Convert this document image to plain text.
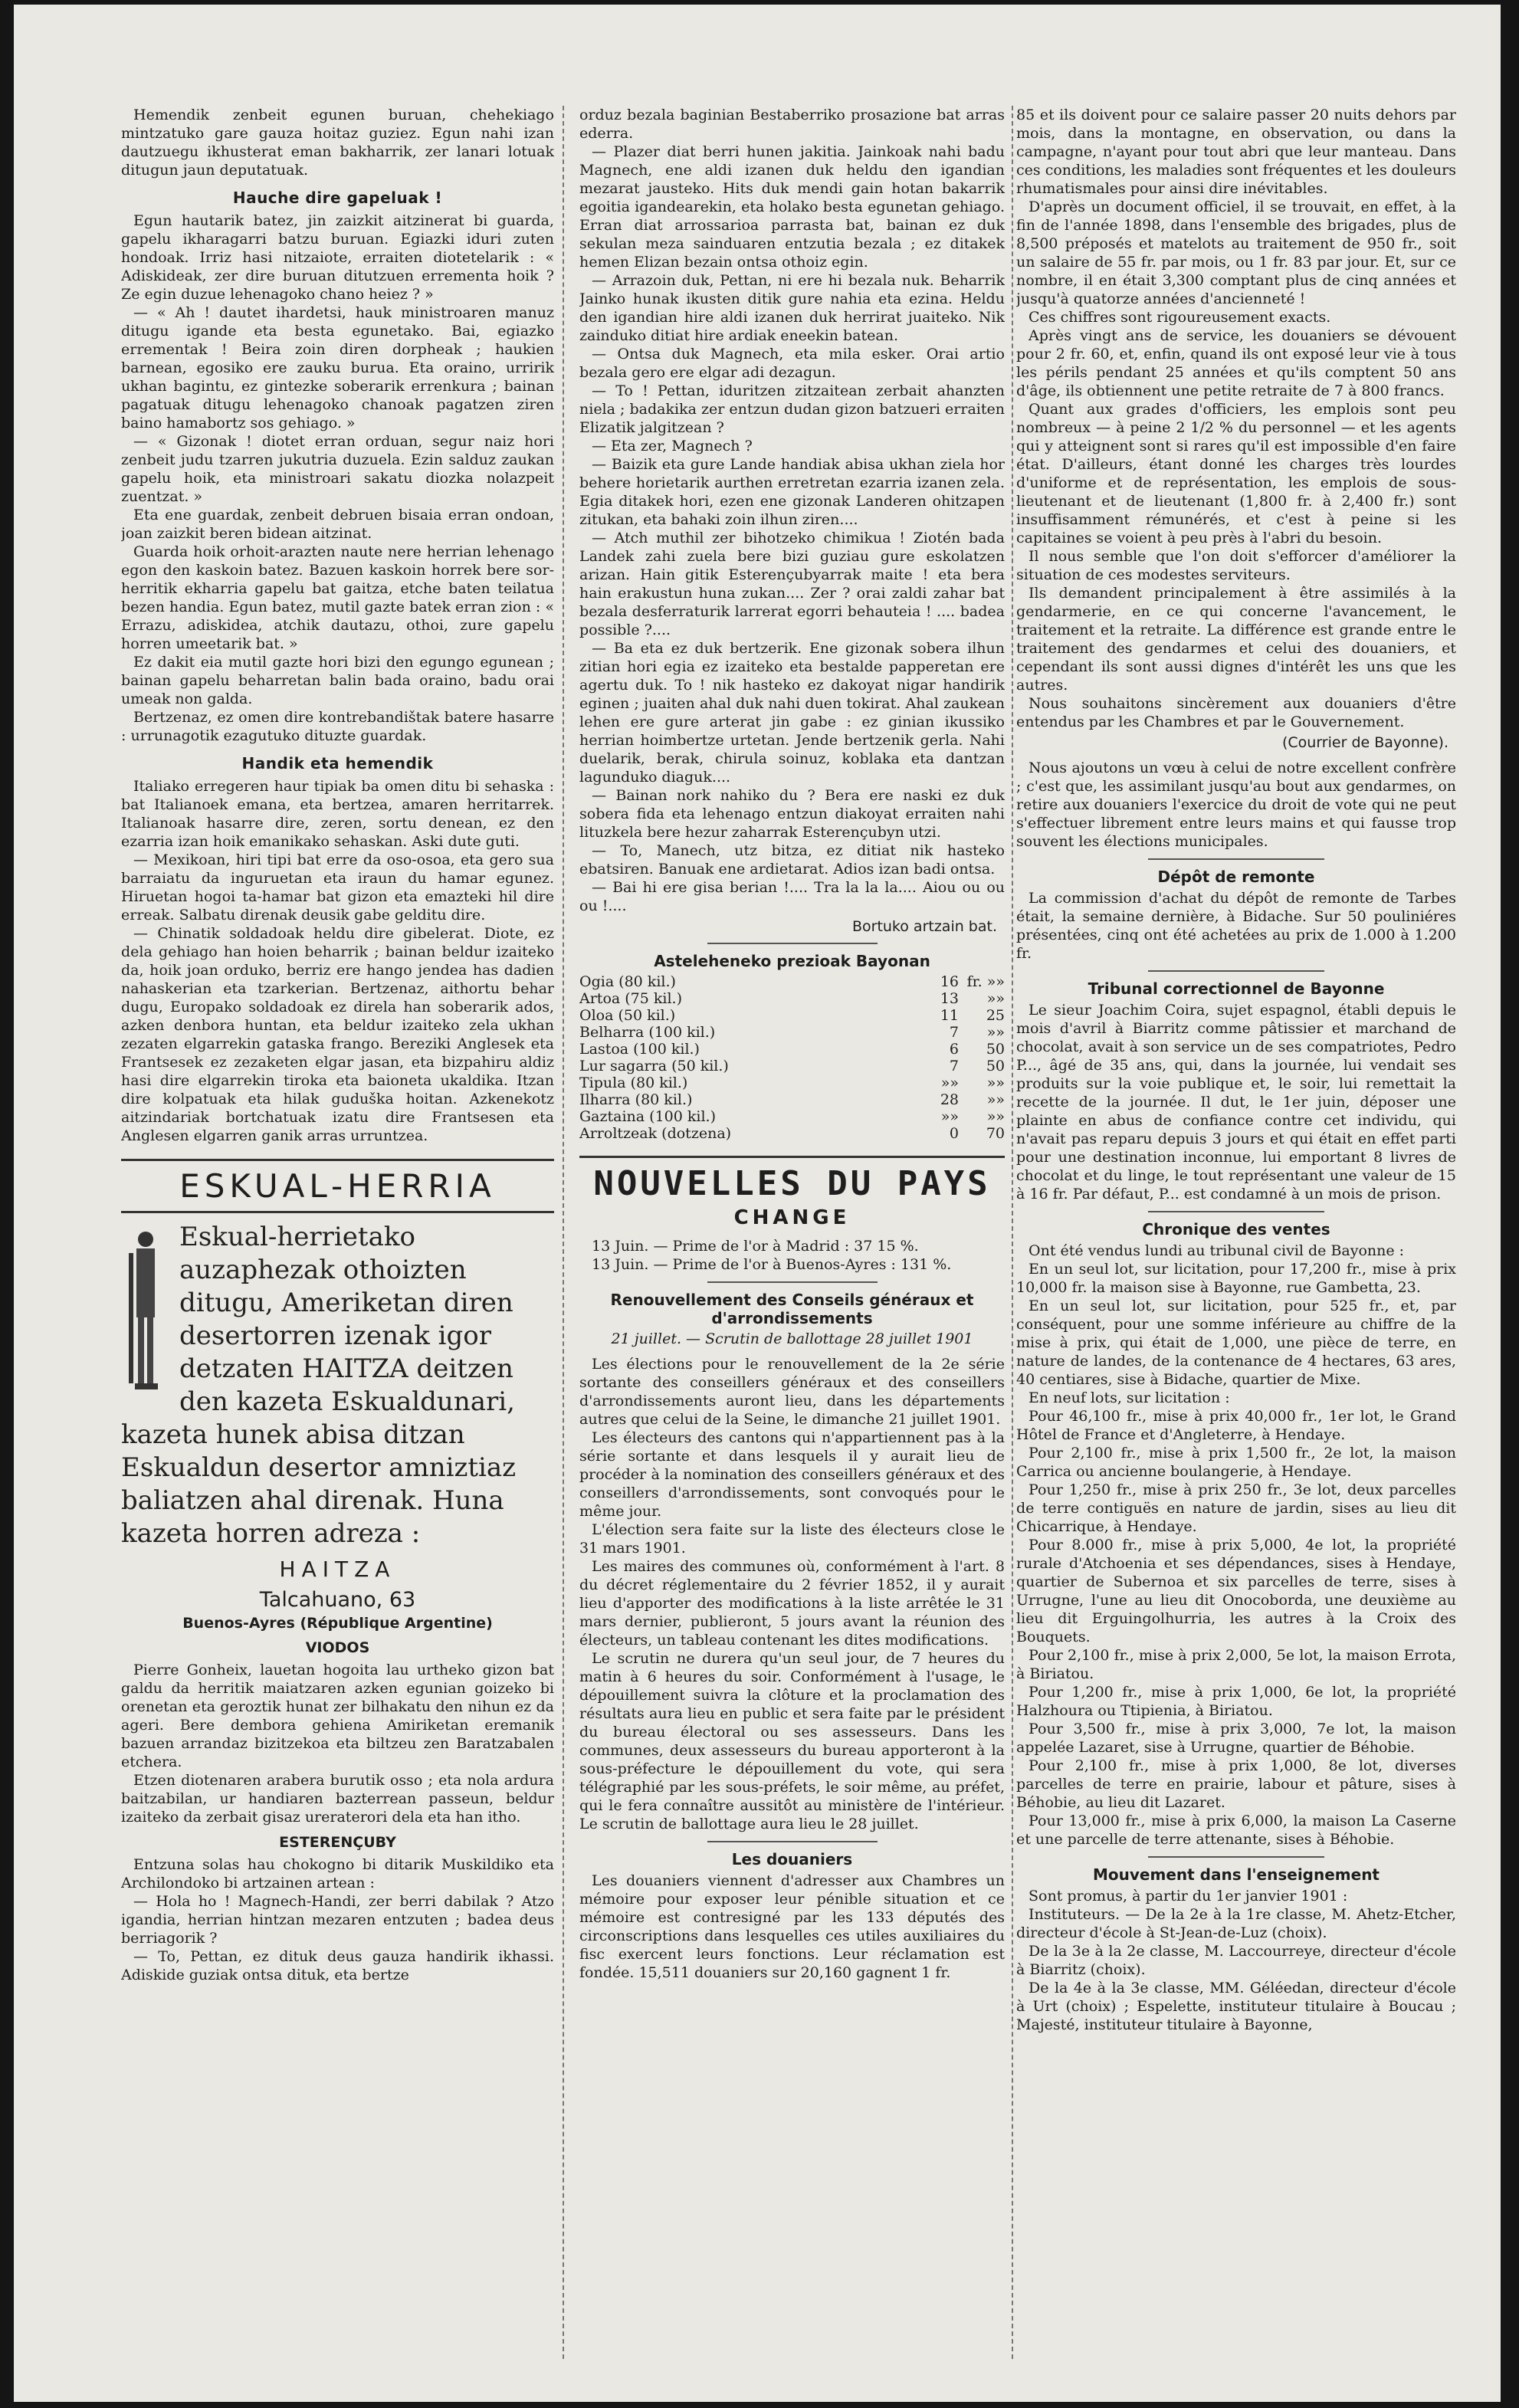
Hemendik zenbeit egunen buruan, chehekiago mintzatuko gare gauza hoitaz guziez. Egun nahi izan dautzuegu ikhusterat eman bakharrik, zer lanari lotuak ditugun jaun deputatuak.

Hauche dire gapeluak !

Egun hautarik batez, jin zaizkit aitzinerat bi guarda, gapelu ikharagarri batzu buruan. Egiazki iduri zuten hondoak. Irriz hasi nitzaiote, erraiten diotetelarik : « Adiskideak, zer dire buruan ditutzuen errementa hoik ? Ze egin duzue lehenagoko chano heiez ? »

— « Ah ! dautet ihardetsi, hauk ministroaren manuz ditugu igande eta besta egunetako. Bai, egiazko errementak ! Beira zoin diren dorpheak ; haukien barnean, egosiko ere zauku burua. Eta oraino, urririk ukhan bagintu, ez gintezke soberarik errenkura ; bainan pagatuak ditugu lehenagoko chanoak pagatzen ziren baino hamabortz sos gehiago. »

— « Gizonak ! diotet erran orduan, segur naiz hori zenbeit judu tzarren jukutria duzuela. Ezin salduz zaukan gapelu hoik, eta ministroari sakatu diozka nolazpeit zuentzat. »

Eta ene guardak, zenbeit debruen bisaia erran ondoan, joan zaizkit beren bidean aitzinat.

Guarda hoik orhoit-arazten naute nere herrian lehenago egon den kaskoin batez. Bazuen kaskoin horrek bere sor-herritik ekharria gapelu bat gaitza, etche baten teilatua bezen handia. Egun batez, mutil gazte batek erran zion : « Errazu, adiskidea, atchik dautazu, othoi, zure gapelu horren umeetarik bat. »

Ez dakit eia mutil gazte hori bizi den egungo egunean ; bainan gapelu beharretan balin bada oraino, badu orai umeak non galda.

Bertzenaz, ez omen dire kontrebandištak batere hasarre : urrunagotik ezagutuko dituzte guardak.

Handik eta hemendik

Italiako erregeren haur tipiak ba omen ditu bi sehaska : bat Italianoek emana, eta bertzea, amaren herritarrek. Italianoak hasarre dire, zeren, sortu denean, ez den ezarria izan hoik emanikako sehaskan. Aski dute guti.

— Mexikoan, hiri tipi bat erre da oso-osoa, eta gero sua barraiatu da inguruetan eta iraun du hamar egunez. Hiruetan hogoi ta-hamar bat gizon eta emazteki hil dire erreak. Salbatu direnak deusik gabe gelditu dire.

— Chinatik soldadoak heldu dire gibelerat. Diote, ez dela gehiago han hoien beharrik ; bainan beldur izaiteko da, hoik joan orduko, berriz ere hango jendea has dadien nahaskerian eta tzarkerian. Bertzenaz, aithortu behar dugu, Europako soldadoak ez direla han soberarik ados, azken denbora huntan, eta beldur izaiteko zela ukhan zezaten elgarrekin gataska frango. Bereziki Anglesek eta Frantsesek ez zezaketen elgar jasan, eta bizpahiru aldiz hasi dire elgarrekin tiroka eta baioneta ukaldika. Itzan dire kolpatuak eta hilak guduška hoitan. Azkenekotz aitzindariak bortchatuak izatu dire Frantsesen eta Anglesen elgarren ganik arras urruntzea.

ESKUAL-HERRIA
Eskual-herrietako auzaphezak othoizten ditugu, Ameriketan diren desertorren izenak igor detzaten HAITZA deitzen den kazeta Eskualdunari, kazeta hunek abisa ditzan Eskualdun desertor amniztiaz baliatzen ahal direnak. Huna kazeta horren adreza :
HAITZA
Talcahuano, 63
Buenos-Ayres (République Argentine)
VIODOS

Pierre Gonheix, lauetan hogoita lau urtheko gizon bat galdu da herritik maiatzaren azken egunian goizeko bi orenetan eta geroztik hunat zer bilhakatu den nihun ez da ageri. Bere dembora gehiena Amiriketan eremanik bazuen arrandaz bizitzekoa eta biltzeu zen Baratzabalen etchera.

Etzen diotenaren arabera burutik osso ; eta nola ardura baitzabilan, ur handiaren bazterrean passeun, beldur izaiteko da zerbait gisaz ureraterori dela eta han itho.

ESTERENÇUBY

Entzuna solas hau chokogno bi ditarik Muskildiko eta Archilondoko bi artzainen artean :

— Hola ho ! Magnech-Handi, zer berri dabilak ? Atzo igandia, herrian hintzan mezaren entzuten ; badea deus berriagorik ?

— To, Pettan, ez dituk deus gauza handirik ikhassi. Adiskide guziak ontsa dituk, eta bertze

orduz bezala baginian Bestaberriko prosazione bat arras ederra.

— Plazer diat berri hunen jakitia. Jainkoak nahi badu Magnech, ene aldi izanen duk heldu den igandian mezarat jausteko. Hits duk mendi gain hotan bakarrik egoitia igandearekin, eta holako besta egunetan gehiago. Erran diat arrossarioa parrasta bat, bainan ez duk sekulan meza sainduaren entzutia bezala ; ez ditakek hemen Elizan bezain ontsa othoiz egin.

— Arrazoin duk, Pettan, ni ere hi bezala nuk. Beharrik Jainko hunak ikusten ditik gure nahia eta ezina. Heldu den igandian hire aldi izanen duk herrirat juaiteko. Nik zainduko ditiat hire ardiak eneekin batean.

— Ontsa duk Magnech, eta mila esker. Orai artio bezala gero ere elgar adi dezagun.

— To ! Pettan, iduritzen zitzaitean zerbait ahanzten niela ; badakika zer entzun dudan gizon batzueri erraiten Elizatik jalgitzean ?

— Eta zer, Magnech ?

— Baizik eta gure Lande handiak abisa ukhan ziela hor behere horietarik aurthen erretretan ezarria izanen zela. Egia ditakek hori, ezen ene gizonak Landeren ohitzapen zitukan, eta bahaki zoin ilhun ziren....

— Atch muthil zer bihotzeko chimikua ! Ziotén bada Landek zahi zuela bere bizi guziau gure eskolatzen arizan. Hain gitik Esterençubyarrak maite ! eta bera hain erakustun huna zukan.... Zer ? orai zaldi zahar bat bezala desferraturik larrerat egorri behauteia ! .... badea possible ?....

— Ba eta ez duk bertzerik. Ene gizonak sobera ilhun zitian hori egia ez izaiteko eta bestalde papperetan ere agertu duk. To ! nik hasteko ez dakoyat nigar handirik eginen ; juaiten ahal duk nahi duen tokirat. Ahal zaukean lehen ere gure arterat jin gabe : ez ginian ikussiko herrian hoimbertze urtetan. Jende bertzenik gerla. Nahi duelarik, berak, chirula soinuz, koblaka eta dantzan lagunduko diaguk....

— Bainan nork nahiko du ? Bera ere naski ez duk sobera fida eta lehenago entzun diakoyat erraiten nahi lituzkela bere hezur zaharrak Esterençubyn utzi.

— To, Manech, utz bitza, ez ditiat nik hasteko ebatsiren. Banuak ene ardietarat. Adios izan badi ontsa.

— Bai hi ere gisa berian !.... Tra la la la.... Aiou ou ou ou !....

Bortuko artzain bat.
Asteleheneko prezioak Bayonan
Ogia (80 kil.)	16	fr. »»
Artoa (75 kil.)	13	»»
Oloa (50 kil.)	11	25
Belharra (100 kil.)	7	»»
Lastoa (100 kil.)	6	50
Lur sagarra (50 kil.)	7	50
Tipula (80 kil.)	»»	»»
Ilharra (80 kil.)	28	»»
Gaztaina (100 kil.)	»»	»»
Arroltzeak (dotzena)	0	70
NOUVELLES DU PAYS
CHANGE

13 Juin. — Prime de l'or à Madrid : 37 15 %.

13 Juin. — Prime de l'or à Buenos-Ayres : 131 %.

Renouvellement des Conseils généraux et d'arrondissements
21 juillet. — Scrutin de ballottage 28 juillet 1901

Les élections pour le renouvellement de la 2e série sortante des conseillers généraux et des conseillers d'arrondissements auront lieu, dans les départements autres que celui de la Seine, le dimanche 21 juillet 1901.

Les électeurs des cantons qui n'appartiennent pas à la série sortante et dans lesquels il y aurait lieu de procéder à la nomination des conseillers généraux et des conseillers d'arrondissements, sont convoqués pour le même jour.

L'élection sera faite sur la liste des électeurs close le 31 mars 1901.

Les maires des communes où, conformément à l'art. 8 du décret réglementaire du 2 février 1852, il y aurait lieu d'apporter des modifications à la liste arrêtée le 31 mars dernier, publieront, 5 jours avant la réunion des électeurs, un tableau contenant les dites modifications.

Le scrutin ne durera qu'un seul jour, de 7 heures du matin à 6 heures du soir. Conformément à l'usage, le dépouillement suivra la clôture et la proclamation des résultats aura lieu en public et sera faite par le président du bureau électoral ou ses assesseurs. Dans les communes, deux assesseurs du bureau apporteront à la sous-préfecture le dépouillement du vote, qui sera télégraphié par les sous-préfets, le soir même, au préfet, qui le fera connaître aussitôt au ministère de l'intérieur. Le scrutin de ballottage aura lieu le 28 juillet.

Les douaniers

Les douaniers viennent d'adresser aux Chambres un mémoire pour exposer leur pénible situation et ce mémoire est contresigné par les 133 députés des circonscriptions dans lesquelles ces utiles auxiliaires du fisc exercent leurs fonctions. Leur réclamation est fondée. 15,511 douaniers sur 20,160 gagnent 1 fr.

85 et ils doivent pour ce salaire passer 20 nuits dehors par mois, dans la montagne, en observation, ou dans la campagne, n'ayant pour tout abri que leur manteau. Dans ces conditions, les maladies sont fréquentes et les douleurs rhumatismales pour ainsi dire inévitables.

D'après un document officiel, il se trouvait, en effet, à la fin de l'année 1898, dans l'ensemble des brigades, plus de 8,500 préposés et matelots au traitement de 950 fr., soit un salaire de 55 fr. par mois, ou 1 fr. 83 par jour. Et, sur ce nombre, il en était 3,300 comptant plus de cinq années et jusqu'à quatorze années d'ancienneté !

Ces chiffres sont rigoureusement exacts.

Après vingt ans de service, les douaniers se dévouent pour 2 fr. 60, et, enfin, quand ils ont exposé leur vie à tous les périls pendant 25 années et qu'ils comptent 50 ans d'âge, ils obtiennent une petite retraite de 7 à 800 francs.

Quant aux grades d'officiers, les emplois sont peu nombreux — à peine 2 1/2 % du personnel — et les agents qui y atteignent sont si rares qu'il est impossible d'en faire état. D'ailleurs, étant donné les charges très lourdes d'uniforme et de représentation, les emplois de sous-lieutenant et de lieutenant (1,800 fr. à 2,400 fr.) sont insuffisamment rémunérés, et c'est à peine si les capitaines se voient à peu près à l'abri du besoin.

Il nous semble que l'on doit s'efforcer d'améliorer la situation de ces modestes serviteurs.

Ils demandent principalement à être assimilés à la gendarmerie, en ce qui concerne l'avancement, le traitement et la retraite. La différence est grande entre le traitement des gendarmes et celui des douaniers, et cependant ils sont aussi dignes d'intérêt les uns que les autres.

Nous souhaitons sincèrement aux douaniers d'être entendus par les Chambres et par le Gouvernement.

(Courrier de Bayonne).

Nous ajoutons un vœu à celui de notre excellent confrère ; c'est que, les assimilant jusqu'au bout aux gendarmes, on retire aux douaniers l'exercice du droit de vote qui ne peut s'effectuer librement entre leurs mains et qui fausse trop souvent les élections municipales.

Dépôt de remonte

La commission d'achat du dépôt de remonte de Tarbes était, la semaine dernière, à Bidache. Sur 50 pouliniéres présentées, cinq ont été achetées au prix de 1.000 à 1.200 fr.

Tribunal correctionnel de Bayonne

Le sieur Joachim Coira, sujet espagnol, établi depuis le mois d'avril à Biarritz comme pâtissier et marchand de chocolat, avait à son service un de ses compatriotes, Pedro P..., âgé de 35 ans, qui, dans la journée, lui vendait ses produits sur la voie publique et, le soir, lui remettait la recette de la journée. Il dut, le 1er juin, déposer une plainte en abus de confiance contre cet individu, qui n'avait pas reparu depuis 3 jours et qui était en effet parti pour une destination inconnue, lui emportant 8 livres de chocolat et du linge, le tout représentant une valeur de 15 à 16 fr. Par défaut, P... est condamné à un mois de prison.

Chronique des ventes

Ont été vendus lundi au tribunal civil de Bayonne :

En un seul lot, sur licitation, pour 17,200 fr., mise à prix 10,000 fr. la maison sise à Bayonne, rue Gambetta, 23.

En un seul lot, sur licitation, pour 525 fr., et, par conséquent, pour une somme inférieure au chiffre de la mise à prix, qui était de 1,000, une pièce de terre, en nature de landes, de la contenance de 4 hectares, 63 ares, 40 centiares, sise à Bidache, quartier de Mixe.

En neuf lots, sur licitation :

Pour 46,100 fr., mise à prix 40,000 fr., 1er lot, le Grand Hôtel de France et d'Angleterre, à Hendaye.

Pour 2,100 fr., mise à prix 1,500 fr., 2e lot, la maison Carrica ou ancienne boulangerie, à Hendaye.

Pour 1,250 fr., mise à prix 250 fr., 3e lot, deux parcelles de terre contiguës en nature de jardin, sises au lieu dit Chicarrique, à Hendaye.

Pour 8.000 fr., mise à prix 5,000, 4e lot, la propriété rurale d'Atchoenia et ses dépendances, sises à Hendaye, quartier de Subernoa et six parcelles de terre, sises à Urrugne, l'une au lieu dit Onocoborda, une deuxième au lieu dit Erguingolhurria, les autres à la Croix des Bouquets.

Pour 2,100 fr., mise à prix 2,000, 5e lot, la maison Errota, à Biriatou.

Pour 1,200 fr., mise à prix 1,000, 6e lot, la propriété Halzhoura ou Ttipienia, à Biriatou.

Pour 3,500 fr., mise à prix 3,000, 7e lot, la maison appelée Lazaret, sise à Urrugne, quartier de Béhobie.

Pour 2,100 fr., mise à prix 1,000, 8e lot, diverses parcelles de terre en prairie, labour et pâture, sises à Béhobie, au lieu dit Lazaret.

Pour 13,000 fr., mise à prix 6,000, la maison La Caserne et une parcelle de terre attenante, sises à Béhobie.

Mouvement dans l'enseignement

Sont promus, à partir du 1er janvier 1901 :

Instituteurs. — De la 2e à la 1re classe, M. Ahetz-Etcher, directeur d'école à St-Jean-de-Luz (choix).

De la 3e à la 2e classe, M. Laccourreye, directeur d'école à Biarritz (choix).

De la 4e à la 3e classe, MM. Géléedan, directeur d'école à Urt (choix) ; Espelette, instituteur titulaire à Boucau ; Majesté, instituteur titulaire à Bayonne,
